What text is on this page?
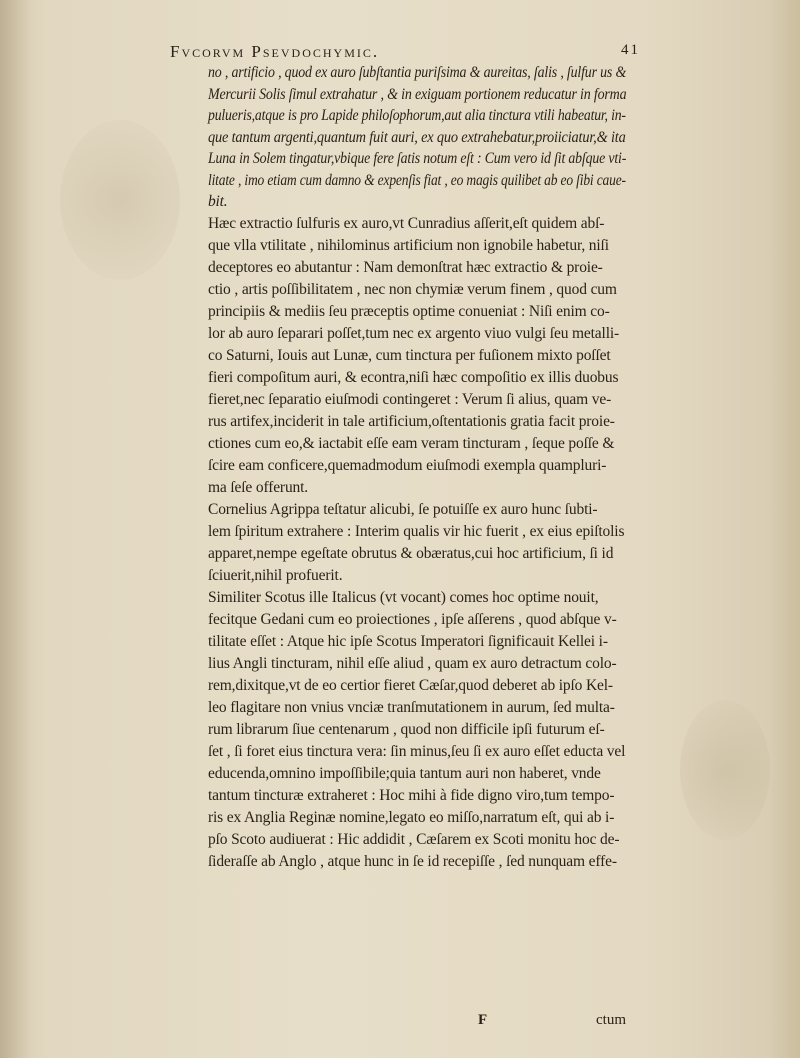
Fvcorvm Psevdochymic.	41

no , artificio , quod ex auro ſubſtantia puriſsima & aureitas, ſalis , ſulfur us &

Mercurii Solis ſimul extrahatur , & in exiguam portionem reducatur in forma

pulueris,atque is pro Lapide philoſophorum,aut alia tinctura vtili habeatur, in-

que tantum argenti,quantum fuit auri, ex quo extrahebatur,proiiciatur,& ita

Luna in Solem tingatur,vbique fere ſatis notum eſt : Cum vero id ſit abſque vti-

litate , imo etiam cum damno & expenſis fiat , eo magis quilibet ab eo ſibi caue-

bit.

Hæc extractio ſulfuris ex auro,vt Cunradius aſſerit,eſt quidem abſ-

que vlla vtilitate , nihilominus artificium non ignobile habetur, niſi

deceptores eo abutantur : Nam demonſtrat hæc extractio & proie-

ctio , artis poſſibilitatem , nec non chymiæ verum finem , quod cum

principiis & mediis ſeu præceptis optime conueniat : Niſi enim co-

lor ab auro ſeparari poſſet,tum nec ex argento viuo vulgi ſeu metalli-

co Saturni, Iouis aut Lunæ, cum tinctura per fuſionem mixto poſſet

fieri compoſitum auri, & econtra,niſi hæc compoſitio ex illis duobus

fieret,nec ſeparatio eiuſmodi contingeret : Verum ſi alius, quam ve-

rus artifex,inciderit in tale artificium,oſtentationis gratia facit proie-

ctiones cum eo,& iactabit eſſe eam veram tincturam , ſeque poſſe &

ſcire eam conficere,quemadmodum eiuſmodi exempla quampluri-

ma ſeſe offerunt.

Cornelius Agrippa teſtatur alicubi, ſe potuiſſe ex auro hunc ſubti-

lem ſpiritum extrahere : Interim qualis vir hic fuerit , ex eius epiſtolis

apparet,nempe egeſtate obrutus & obæratus,cui hoc artificium, ſi id

ſciuerit,nihil profuerit.

Similiter Scotus ille Italicus (vt vocant) comes hoc optime nouit,

fecitque Gedani cum eo proiectiones , ipſe aſſerens , quod abſque v-

tilitate eſſet : Atque hic ipſe Scotus Imperatori ſignificauit Kellei i-

lius Angli tincturam, nihil eſſe aliud , quam ex auro detractum colo-

rem,dixitque,vt de eo certior fieret Cæſar,quod deberet ab ipſo Kel-

leo flagitare non vnius vnciæ tranſmutationem in aurum, ſed multa-

rum librarum ſiue centenarum , quod non difficile ipſi futurum eſ-

ſet , ſi foret eius tinctura vera: ſin minus,ſeu ſi ex auro eſſet educta vel

educenda,omnino impoſſibile;quia tantum auri non haberet, vnde

tantum tincturæ extraheret : Hoc mihi à fide digno viro,tum tempo-

ris ex Anglia Reginæ nomine,legato eo miſſo,narratum eſt, qui ab i-

pſo Scoto audiuerat : Hic addidit , Cæſarem ex Scoti monitu hoc de-

ſideraſſe ab Anglo , atque hunc in ſe id recepiſſe , ſed nunquam effe-

F	ctum
